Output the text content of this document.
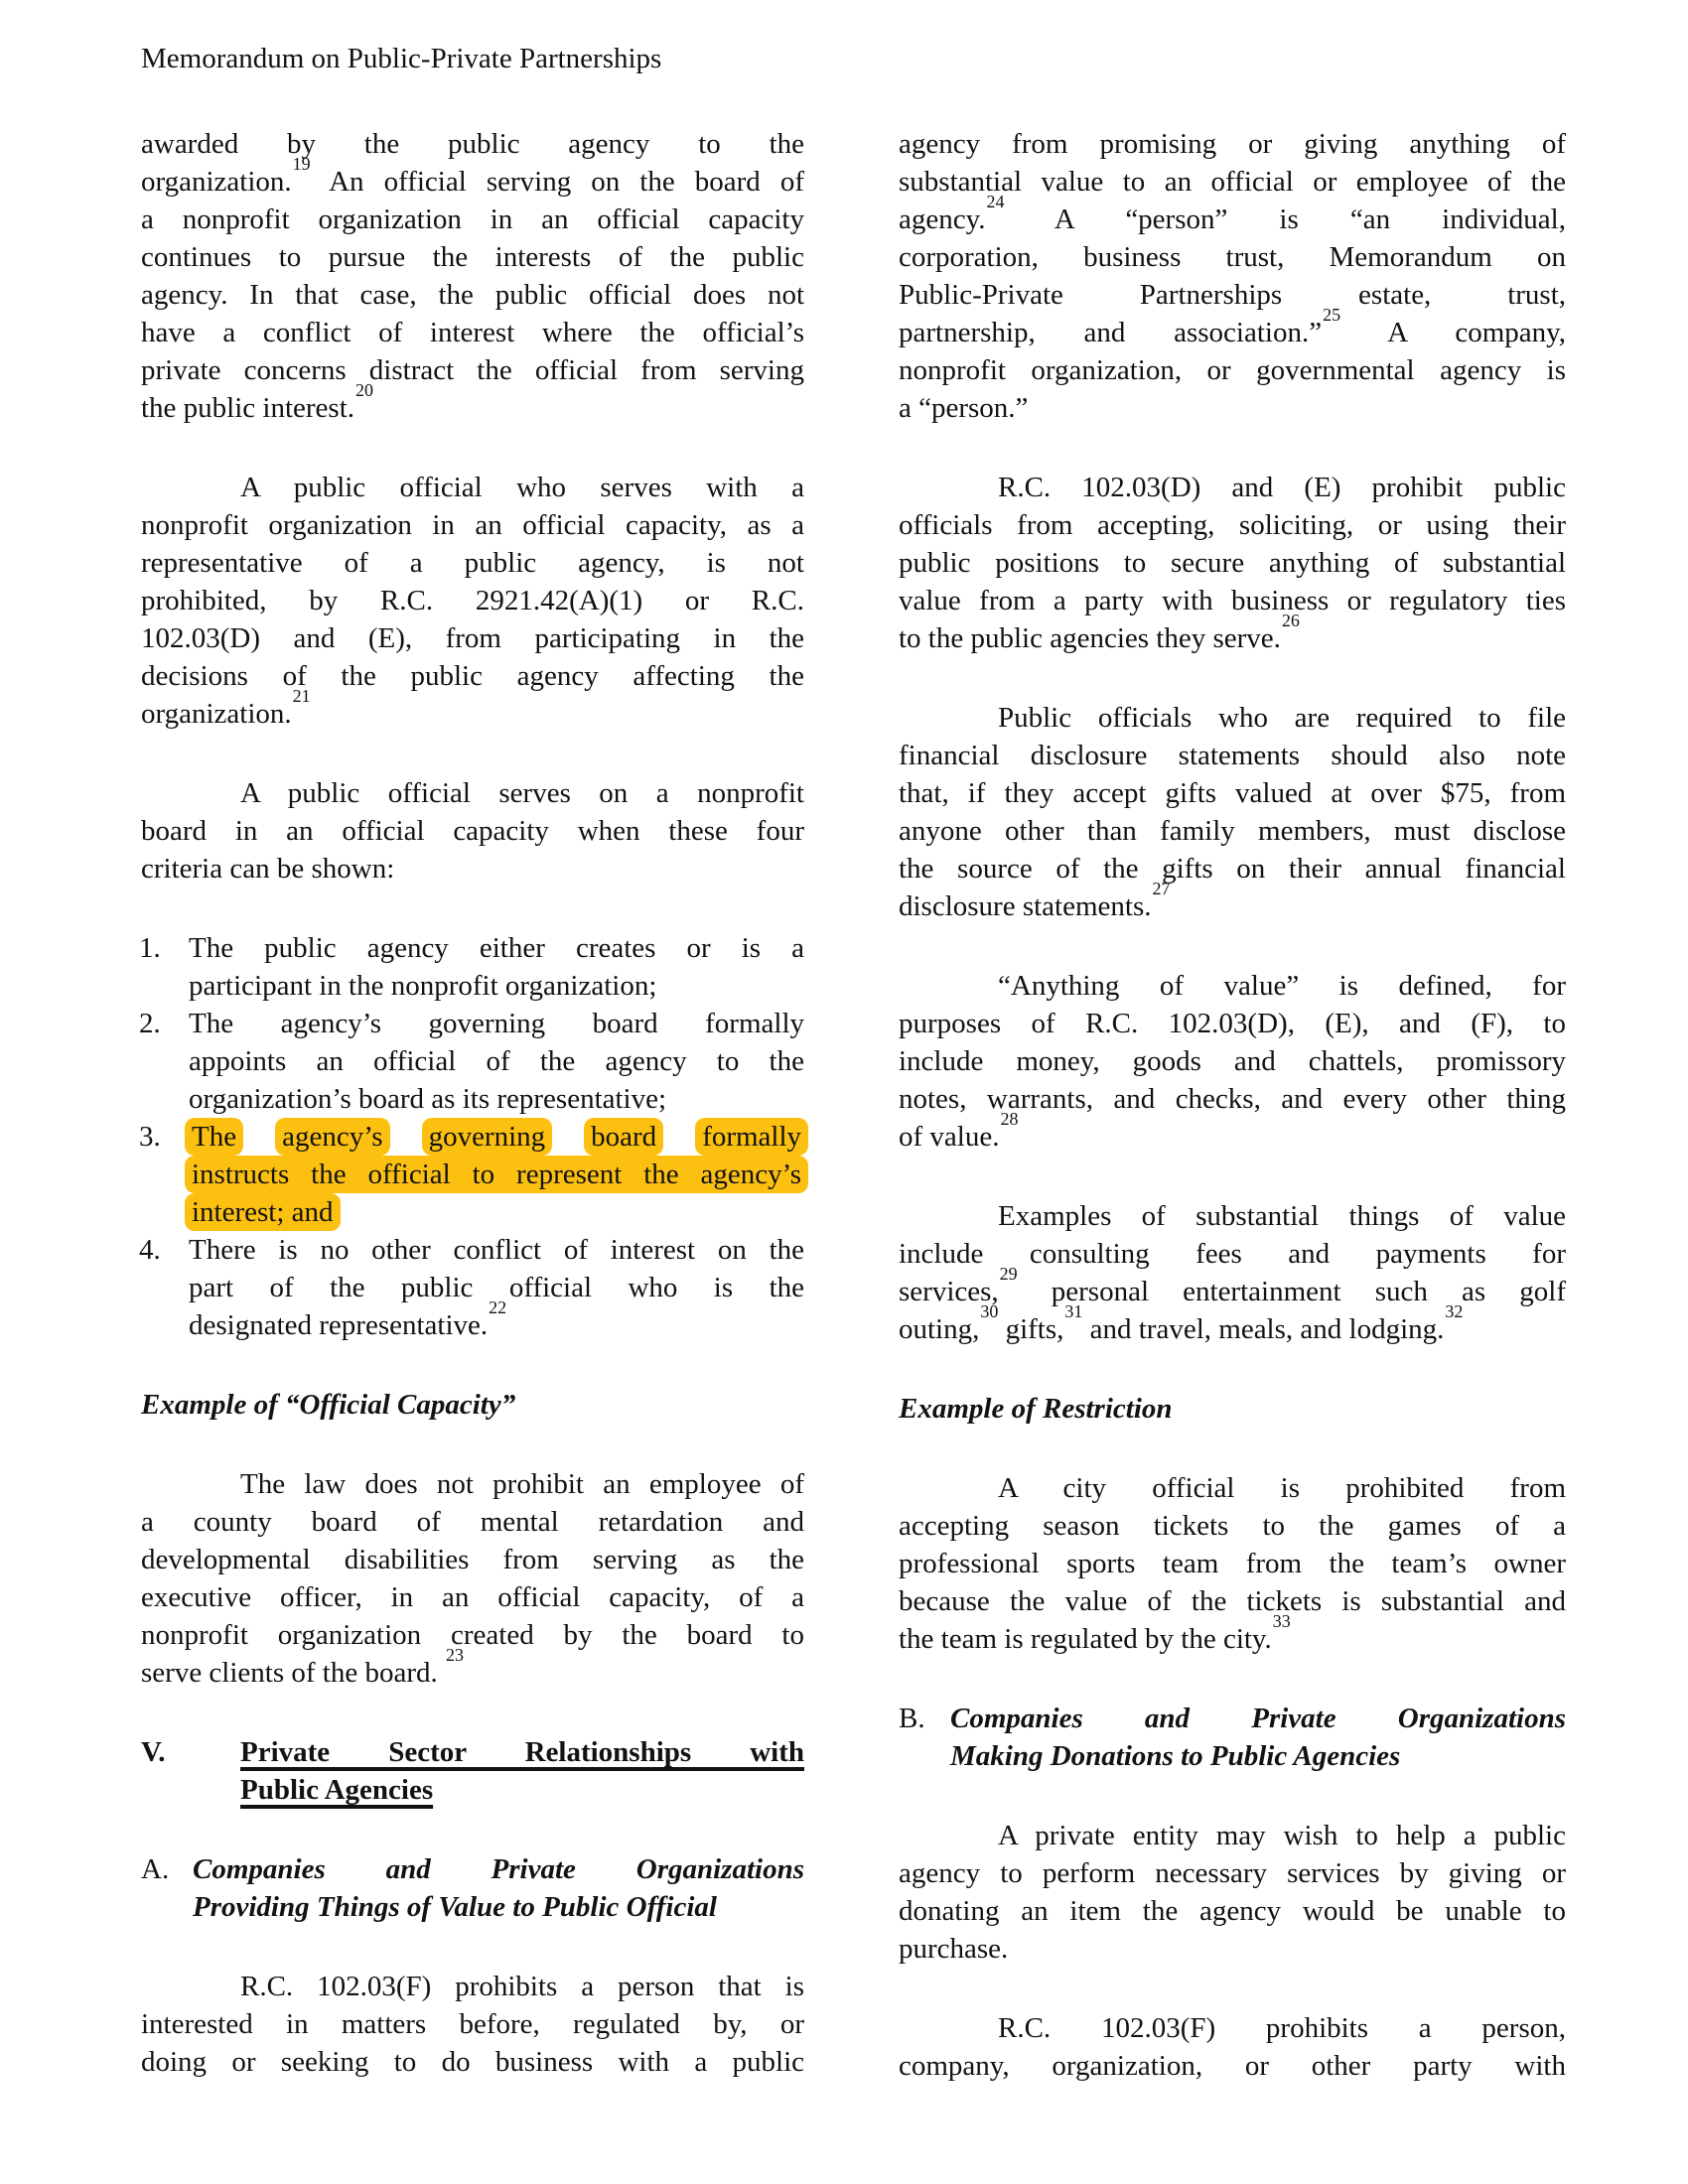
Memorandum on Public-Private Partnerships
awarded by the public agency to the
organization.$^{19}$ An official serving on the board of
a nonprofit organization in an official capacity
continues to pursue the interests of the public
agency. In that case, the public official does not
have a conflict of interest where the official’s
private concerns distract the official from serving
the public interest.$^{20}$
A public official who serves with a
nonprofit organization in an official capacity, as a
representative of a public agency, is not
prohibited, by R.C. 2921.42(A)(1) or R.C.
102.03(D) and (E), from participating in the
decisions of the public agency affecting the
organization.$^{21}$
A public official serves on a nonprofit
board in an official capacity when these four
criteria can be shown:
1. The public agency either creates or is a
participant in the nonprofit organization;
2. The agency’s governing board formally
appoints an official of the agency to the
organization’s board as its representative;
3. The agency’s governing board formally
instructs the official to represent the agency’s
interest; and
4. There is no other conflict of interest on the
part of the public official who is the
designated representative.$^{22}$
Example of “Official Capacity”
The law does not prohibit an employee of
a county board of mental retardation and
developmental disabilities from serving as the
executive officer, in an official capacity, of a
nonprofit organization created by the board to
serve clients of the board. $^{23}$
V.	Private Sector Relationships with
Public Agencies
A. Companies and Private Organizations
Providing Things of Value to Public Official
R.C. 102.03(F) prohibits a person that is
interested in matters before, regulated by, or
doing or seeking to do business with a public
agency from promising or giving anything of
substantial value to an official or employee of the
agency.$^{24}$ A “person” is “an individual,
corporation, business trust, Memorandum on
Public-Private Partnerships estate, trust,
partnership, and association.”$^{25}$ A company,
nonprofit organization, or governmental agency is
a “person.”
R.C. 102.03(D) and (E) prohibit public
officials from accepting, soliciting, or using their
public positions to secure anything of substantial
value from a party with business or regulatory ties
to the public agencies they serve.$^{26}$
Public officials who are required to file
financial disclosure statements should also note
that, if they accept gifts valued at over $75, from
anyone other than family members, must disclose
the source of the gifts on their annual financial
disclosure statements.$^{27}$
“Anything of value” is defined, for
purposes of R.C. 102.03(D), (E), and (F), to
include money, goods and chattels, promissory
notes, warrants, and checks, and every other thing
of value.$^{28}$
Examples of substantial things of value
include consulting fees and payments for
services,$^{29}$ personal entertainment such as golf
outing,$^{30}$ gifts,$^{31}$ and travel, meals, and lodging.$^{32}$
Example of Restriction
A city official is prohibited from
accepting season tickets to the games of a
professional sports team from the team’s owner
because the value of the tickets is substantial and
the team is regulated by the city.$^{33}$
B. Companies and Private Organizations
Making Donations to Public Agencies
A private entity may wish to help a public
agency to perform necessary services by giving or
donating an item the agency would be unable to
purchase.
R.C. 102.03(F) prohibits a person,
company, organization, or other party with
